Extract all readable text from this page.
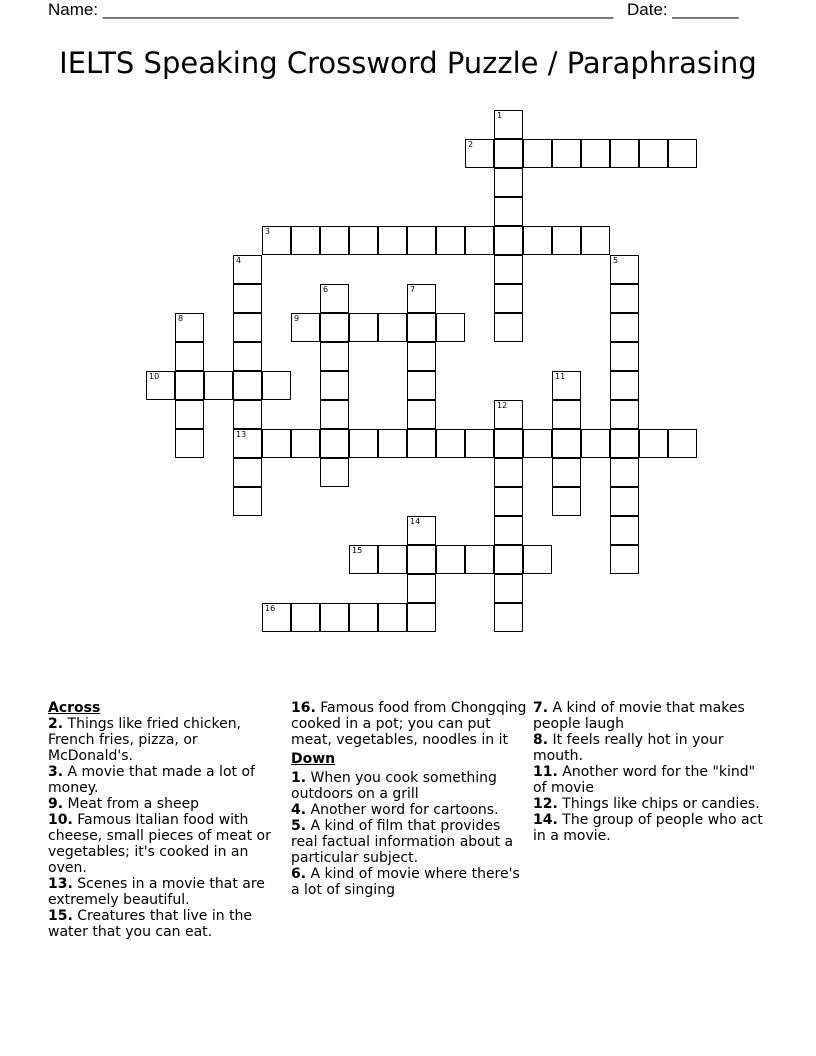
Name: ______________________________________________________ Date: _______
IELTS Speaking Crossword Puzzle / Paraphrasing
1
2
3
4
13
5
6	7
8	9
10	11
12
14
15
16

Across

2. Things like fried chicken, French fries, pizza, or McDonald's.

3. A movie that made a lot of money.

9. Meat from a sheep

10. Famous Italian food with cheese, small pieces of meat or vegetables; it's cooked in an oven.

13. Scenes in a movie that are extremely beautiful.

15. Creatures that live in the water that you can eat.

16. Famous food from Chongqing cooked in a pot; you can put meat, vegetables, noodles in it

Down

1. When you cook something outdoors on a grill

4. Another word for cartoons.

5. A kind of film that provides real factual information about a particular subject.

6. A kind of movie where there's a lot of singing

7. A kind of movie that makes people laugh

8. It feels really hot in your mouth.

11. Another word for the "kind" of movie

12. Things like chips or candies.

14. The group of people who act in a movie.
